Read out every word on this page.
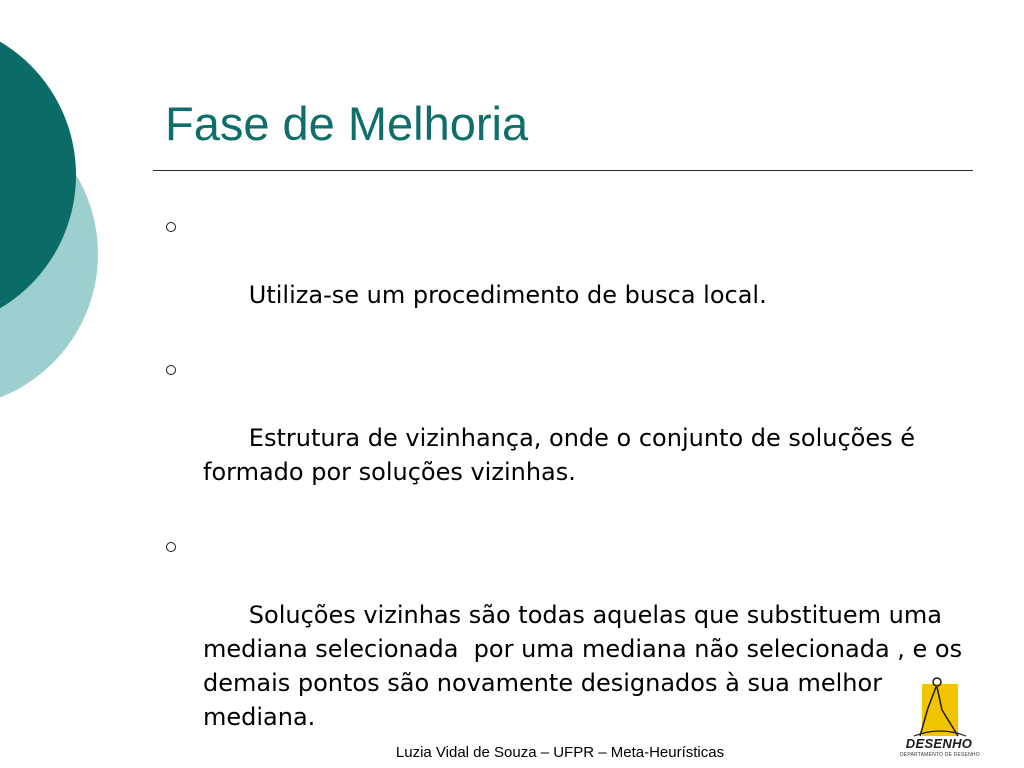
Fase de Melhoria

Utiliza-se um procedimento de busca local.

Estrutura de vizinhança, onde o conjunto de soluções é formado por soluções vizinhas.

Soluções vizinhas são todas aquelas que substituem uma mediana selecionada  por uma mediana não selecionada , e os demais pontos são novamente designados à sua melhor mediana.

Luzia Vidal de Souza – UFPR – Meta-Heurísticas
DESENHO
DEPARTAMENTO DE DESENHO
